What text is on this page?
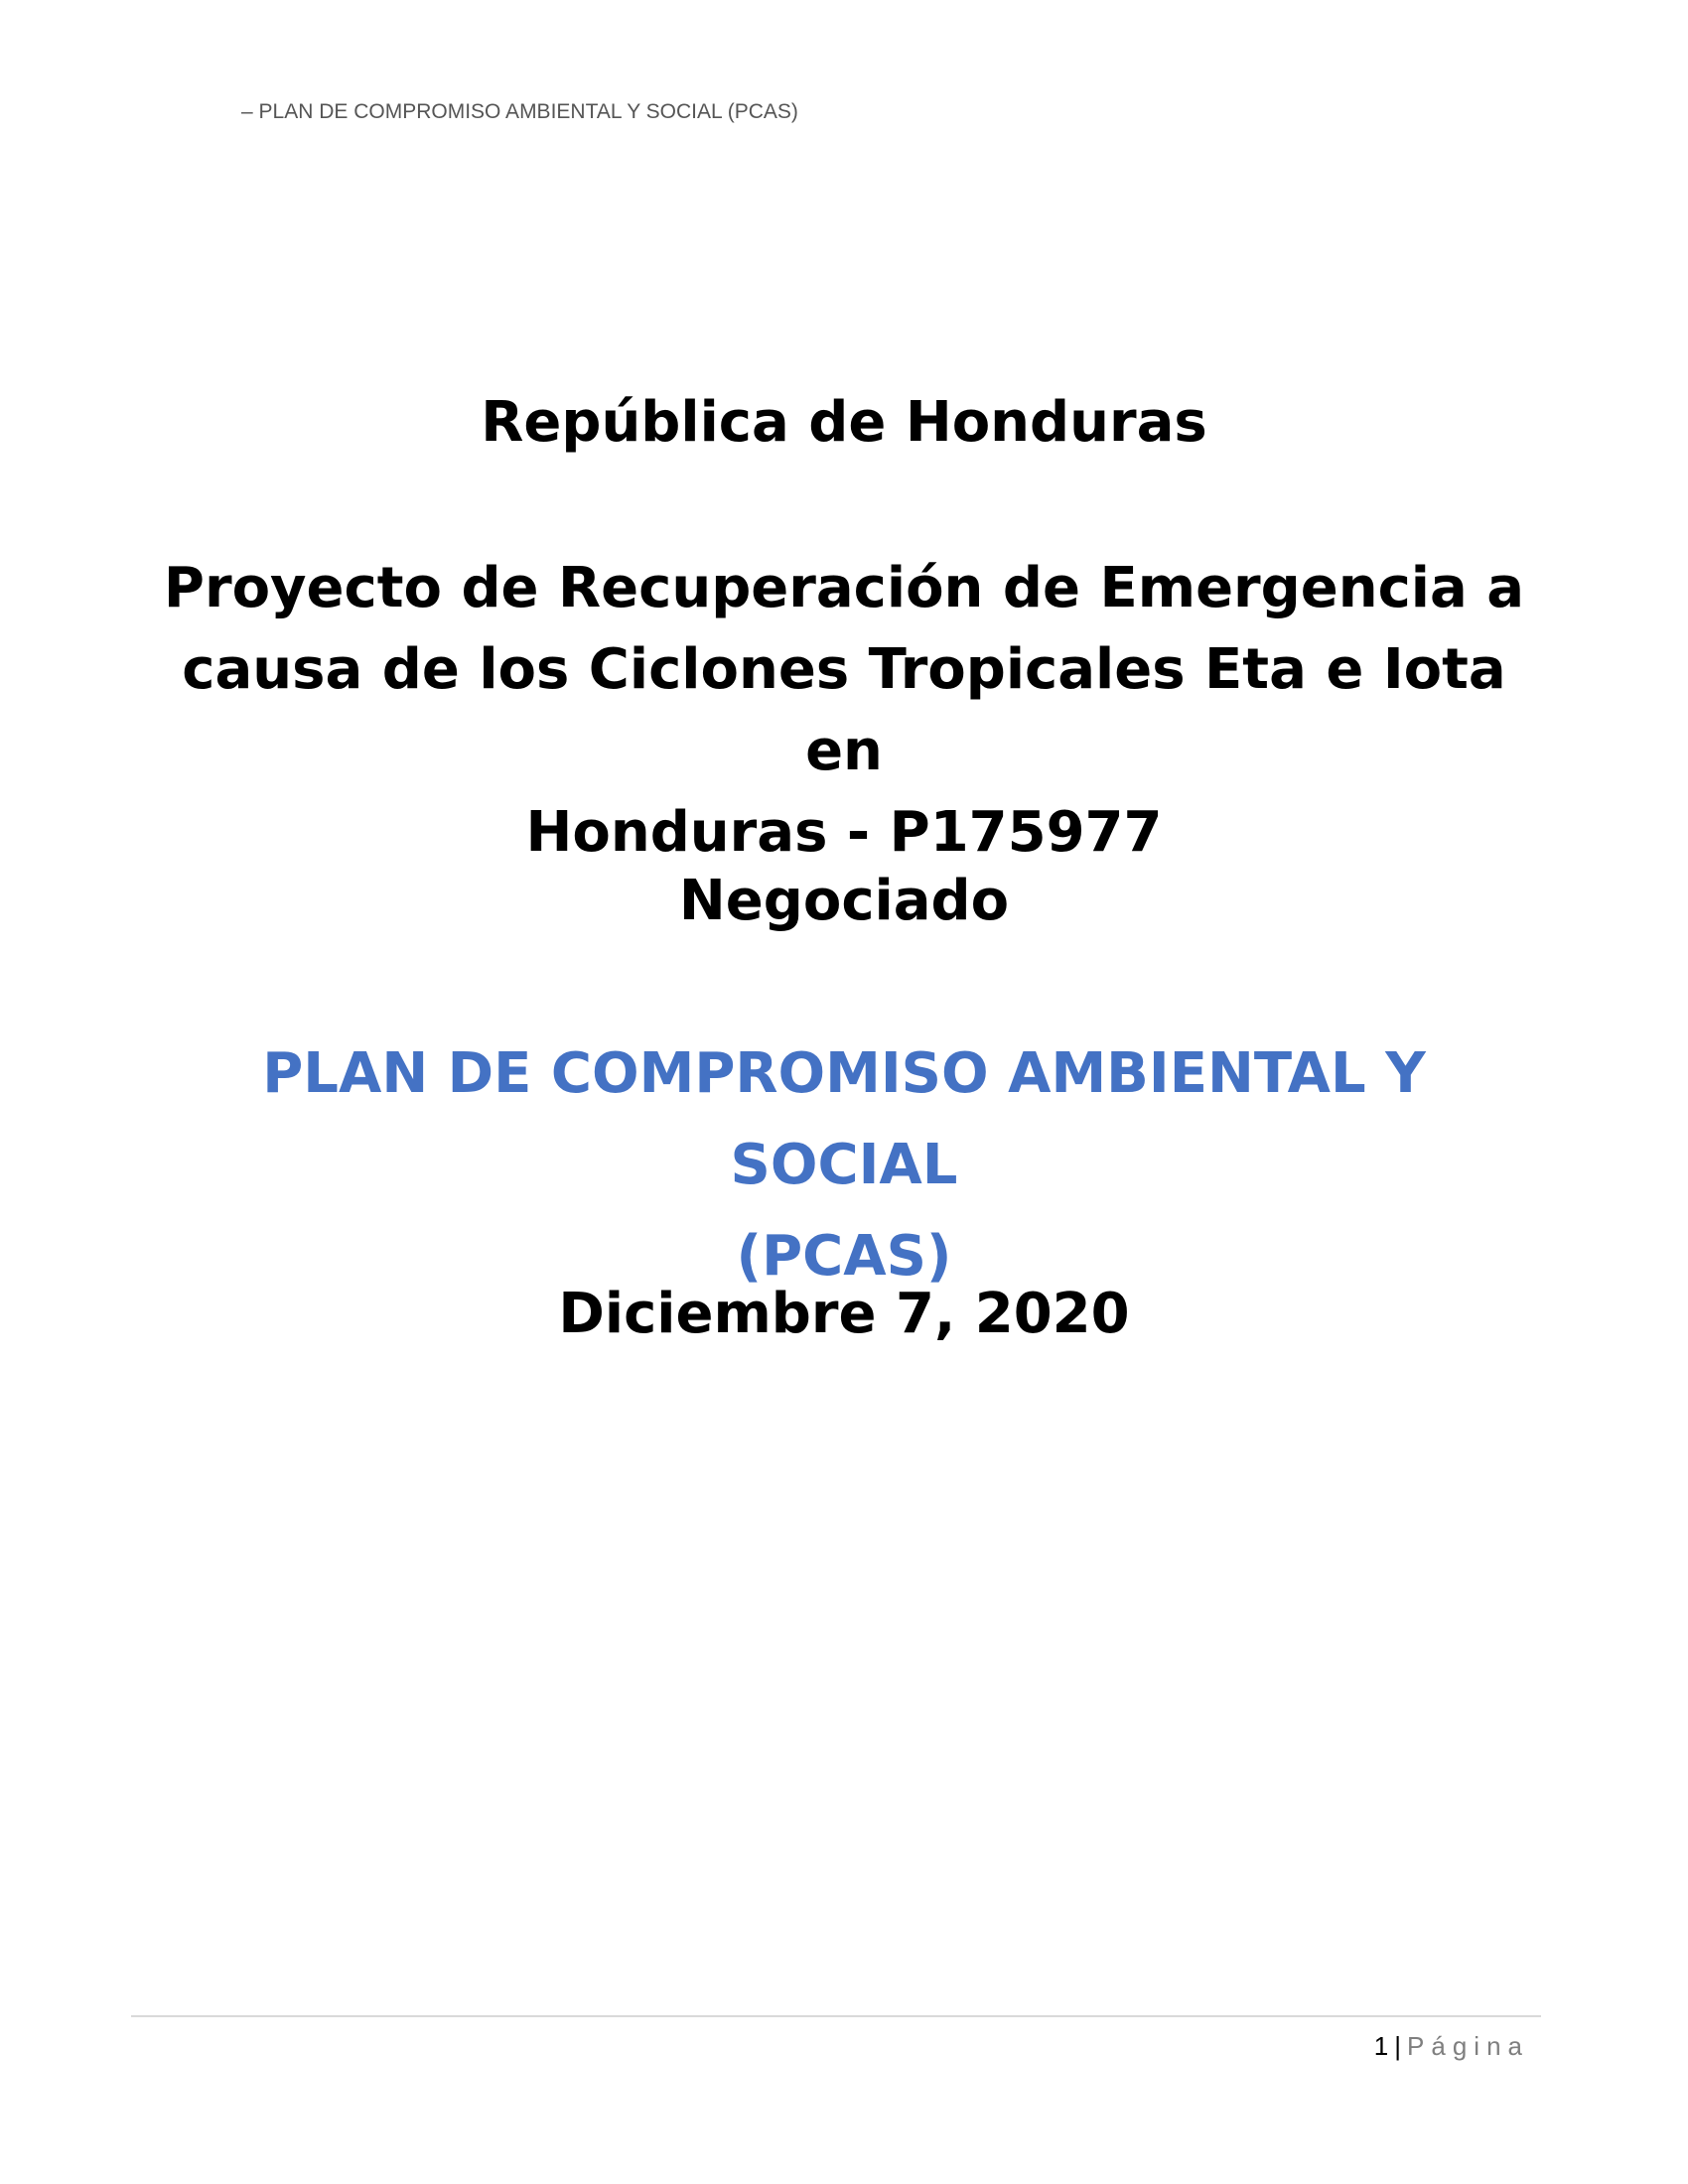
– PLAN DE COMPROMISO AMBIENTAL Y SOCIAL (PCAS)
República de Honduras
Proyecto de Recuperación de Emergencia a
causa de los Ciclones Tropicales Eta e Iota en
Honduras - P175977
Negociado
PLAN DE COMPROMISO AMBIENTAL Y SOCIAL
(PCAS)
Diciembre 7, 2020
1 | Página
